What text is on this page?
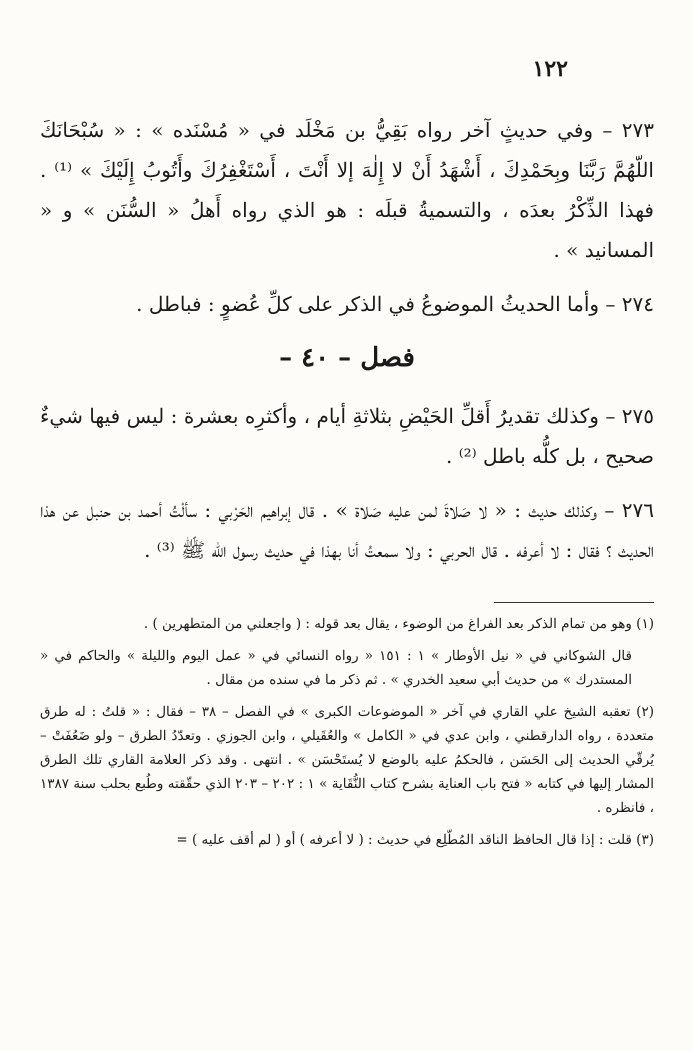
١٢٢

٢٧٣ – وفي حديثٍ آخر رواه بَقِيُّ بن مَخْلَد في « مُسْنَده » : « سُبْحَانَكَ اللّهُمَّ رَبَّنَا وبِحَمْدِكَ ، أَشْهَدُ أَنْ لا إِلٰهَ إلا أَنْتَ ، أَسْتَغْفِرُكَ وأَتُوبُ إِلَيْكَ » ⁽¹⁾ . فهذا الذِّكْرُ بعدَه ، والتسميةُ قبلَه : هو الذي رواه أَهلُ « السُّنَن » و « المسانيد » .

٢٧٤ – وأما الحديثُ الموضوعُ في الذكر على كلِّ عُضوٍ : فباطل .

فصل – ٤٠ –

٢٧٥ – وكذلك تقديرُ أَقلِّ الحَيْضِ بثلاثةِ أيام ، وأكثرِه بعشرة : ليس فيها شيءٌ صحيح ، بل كلُّه باطل ⁽²⁾ .

٢٧٦ – وكذلك حديث : « لا صَلاةَ لمن عليه صَلاة » . قال إبراهيم الحَرْبي : سألْتُ أحمد بن حنبل عن هذا الحديث ؟ فقال : لا أعرفه . قال الحربي : ولا سمعتُ أنا بهذا في حديث رسول الله ﷺ ⁽³⁾ .

(١) وهو من تمام الذكر بعد الفراغ من الوضوء ، يقال بعد قوله : ( واجعلني من المتطهرين ) .

قال الشوكاني في « نيل الأوطار » ١ : ١٥١ « رواه النسائي في « عمل اليوم والليلة » والحاكم في « المستدرك » من حديث أبي سعيد الخدري » . ثم ذكر ما في سنده من مقال .

(٢) تعقبه الشيخ علي القاري في آخر « الموضوعات الكبرى » في الفصل – ٣٨ – فقال : « قلتُ : له طرق متعددة ، رواه الدارقطني ، وابن عدي في « الكامل » والعُقَيلي ، وابن الجوزي . وتعدّدُ الطرق – ولو ضَعُفَتْ – يُرقّي الحديث إلى الحَسَن ، فالحكمُ عليه بالوضع لا يُستَحْسَن » . انتهى . وقد ذكر العلامة القاري تلك الطرق المشار إليها في كتابه « فتح باب العناية بشرح كتاب النُّقَاية » ١ : ٢٠٢ – ٢٠٣ الذي حقّقته وطُبع بحلب سنة ١٣٨٧ ، فانظره .

(٣) قلت : إذا قال الحافظ الناقد المُطّلِع في حديث : ( لا أعرفه ) أو ( لم أقف عليه ) =
